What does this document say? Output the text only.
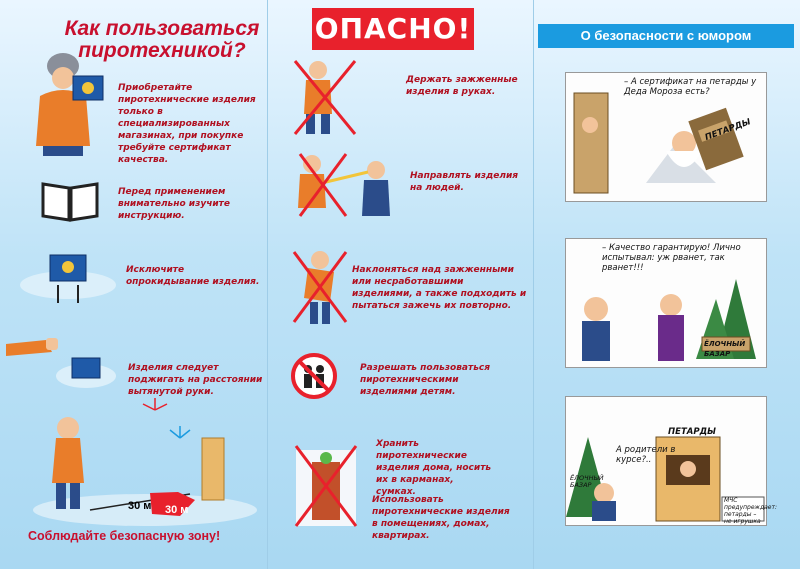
Как пользоваться
пиротехникой?
Приобретайте пиротехнические изделия только в специализированных магазинах, при покупке требуйте сертификат качества.
Перед применением внимательно изучите инструкцию.
Исключите опрокидывание изделия.
Изделия следует поджигать на расстоянии вытянутой руки.
30 м 30 м
Соблюдайте безопасную зону!
ОПАСНО!
Держать зажженные изделия в руках.
Направлять изделия на людей.
Наклоняться над зажженными или несработавшими изделиями, а также подходить и пытаться зажечь их повторно.
Разрешать пользоваться пиротехническими изделиями детям.
Хранить пиротехнические изделия дома, носить их в карманах, сумках.
Использовать пиротехнические изделия в помещениях, домах, квартирах.
О безопасности с юмором
– А сертификат на петарды у Деда Мороза есть?
ПЕТАРДЫ
– Качество гарантирую! Лично испытывал: уж рванет, так рванет!!!
ЁЛОЧНЫЙ БАЗАР
ПЕТАРДЫ
А родители в курсе?..
ЁЛОЧНЫЙ БАЗАР
МЧС предупреждает: петарды – не игрушка
